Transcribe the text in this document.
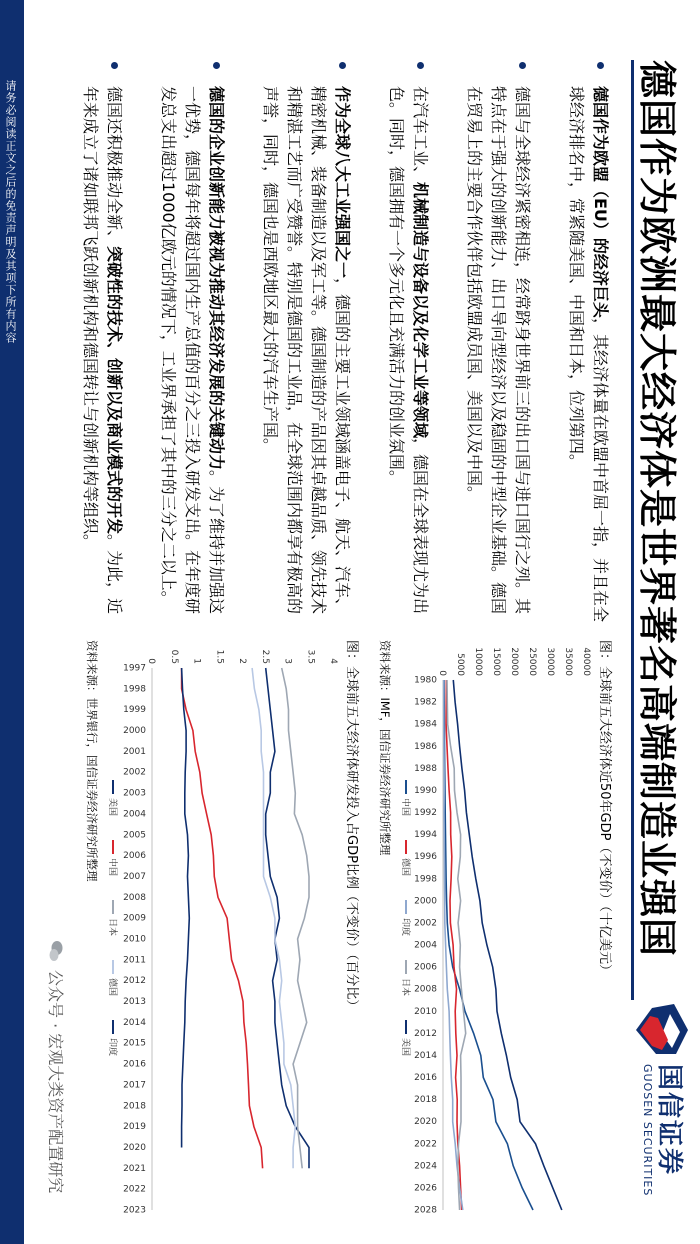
请务必阅读正文之后的免责声明及其项下所有内容	德国作为欧洲最大经济体是世界著名高端制造业强国
国信证券
GUOSEN SECURITIES
德国作为欧盟（EU）的经济巨头，其经济体量在欧盟中首屈一指，并且在全球经济排名中，常紧随美国、中国和日本，位列第四。
德国与全球经济紧密相连，经常跻身世界前三的出口国与进口国行之列。其特点在于强大的创新能力、出口导向型经济以及稳固的中型企业基础。德国在贸易上的主要合作伙伴包括欧盟成员国、美国以及中国。
在汽车工业、机械制造与设备以及化学工业等领域，德国在全球表现尤为出色。同时，德国拥有一个多元化且充满活力的创业氛围。
作为全球八大工业强国之一，德国的主要工业领域涵盖电子、航天、汽车、精密机械、装备制造以及军工等。德国制造的产品因其卓越品质、领先技术和精湛工艺而广受赞誉。特别是德国的工业品，在全球范围内都享有极高的声誉，同时，德国也是西欧地区最大的汽车生产国。
德国的企业创新能力被视为推动其经济发展的关键动力。为了维持并加强这一优势，德国每年将超过国内生产总值的百分之三投入研发支出。在年度研发总支出超过1000亿欧元的情况下，工业界承担了其中的三分之二以上。
德国还积极推动全新、突破性的技术、创新以及商业模式的开发。为此，近年来成立了诸如联邦飞跃创新机构和德国转让与创新机构等组织。
图：全球前五大经济体近50年GDP（不变价）（十亿美元）
0 5000 10000 15000 20000 25000 30000 35000 40000
1980
1982
1984
1986
1988
1990
1992
1994
1996
1998
2000
2002
2004
2006
2008
2010
2012
2014
2016
2018
2020
2022
2024
2026
2028
中国
德国
印度
日本
美国
资料来源：IMF，国信证券经济研究所整理
图：全球前五大经济体研发投入占GDP比例（不变价）（百分比）
0 0.5 1 1.5 2 2.5 3 3.5 4
1997
1998
1999
2000
2001
2002
2003
2004
2005
2006
2007
2008
2009
2010
2011
2012
2013
2014
2015
2016
2017
2018
2019
2020
2021
2022
2023
美国
中国
日本
德国
印度
资料来源：世界银行，国信证券经济研究所整理
公众号 · 宏观大类资产配置研究
